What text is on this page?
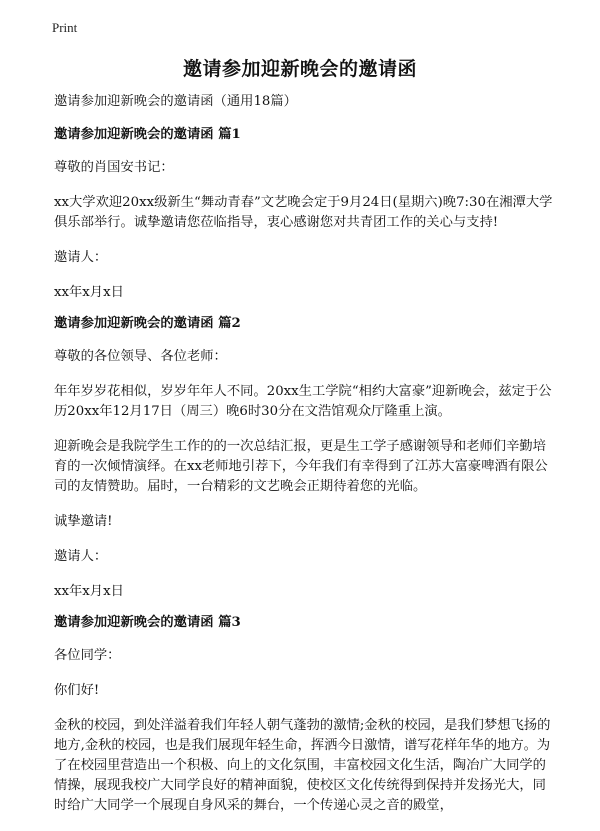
Print
邀请参加迎新晚会的邀请函

邀请参加迎新晚会的邀请函（通用18篇）

邀请参加迎新晚会的邀请函 篇1

尊敬的肖国安书记：

xx大学欢迎20xx级新生“舞动青春”文艺晚会定于9月24日(星期六)晚7:30在湘潭大学俱乐部举行。诚挚邀请您莅临指导，衷心感谢您对共青团工作的关心与支持!

邀请人：

xx年x月x日

邀请参加迎新晚会的邀请函 篇2

尊敬的各位领导、各位老师：

年年岁岁花相似，岁岁年年人不同。20xx生工学院“相约大富豪”迎新晚会，兹定于公历20xx年12月17日（周三）晚6时30分在文浩馆观众厅隆重上演。

迎新晚会是我院学生工作的的一次总结汇报，更是生工学子感谢领导和老师们辛勤培育的一次倾情演绎。在xx老师地引荐下，今年我们有幸得到了江苏大富豪啤酒有限公司的友情赞助。届时，一台精彩的文艺晚会正期待着您的光临。

诚挚邀请!

邀请人：

xx年x月x日

邀请参加迎新晚会的邀请函 篇3

各位同学：

你们好!

金秋的校园，到处洋溢着我们年轻人朝气蓬勃的激情;金秋的校园，是我们梦想飞扬的地方,金秋的校园，也是我们展现年轻生命，挥洒今日激情，谱写花样年华的地方。为了在校园里营造出一个积极、向上的文化氛围，丰富校园文化生活，陶冶广大同学的情操，展现我校广大同学良好的精神面貌，使校区文化传统得到保持并发扬光大，同时给广大同学一个展现自身风采的舞台，一个传递心灵之音的殿堂，
